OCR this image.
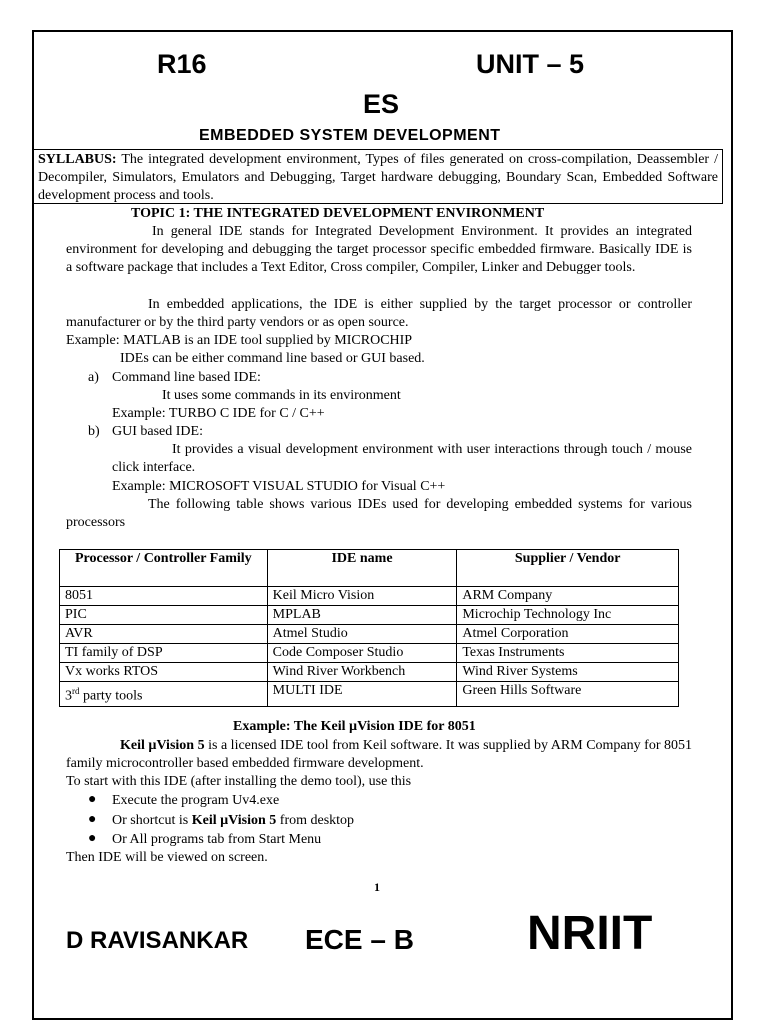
R16	UNIT – 5
ES
EMBEDDED SYSTEM DEVELOPMENT
SYLLABUS: The integrated development environment, Types of files generated on cross-compilation, Deassembler / Decompiler, Simulators, Emulators and Debugging, Target hardware debugging, Boundary Scan, Embedded Software development process and tools.
TOPIC 1: THE INTEGRATED DEVELOPMENT ENVIRONMENT
In general IDE stands for Integrated Development Environment. It provides an integrated environment for developing and debugging the target processor specific embedded firmware. Basically IDE is a software package that includes a Text Editor, Cross compiler, Compiler, Linker and Debugger tools.
In embedded applications, the IDE is either supplied by the target processor or controller manufacturer or by the third party vendors or as open source.
Example: MATLAB is an IDE tool supplied by MICROCHIP
IDEs can be either command line based or GUI based.
a) Command line based IDE:
It uses some commands in its environment
Example: TURBO C IDE for C / C++
b) GUI based IDE:
It provides a visual development environment with user interactions through touch / mouse click interface.
Example: MICROSOFT VISUAL STUDIO for Visual C++
The following table shows various IDEs used for developing embedded systems for various processors
Processor / Controller Family	IDE name	Supplier / Vendor
8051	Keil Micro Vision	ARM Company
PIC	MPLAB	Microchip Technology Inc
AVR	Atmel Studio	Atmel Corporation
TI family of DSP	Code Composer Studio	Texas Instruments
Vx works RTOS	Wind River Workbench	Wind River Systems
3rd party tools	MULTI IDE	Green Hills Software
Example: The Keil µVision IDE for 8051
Keil µVision 5 is a licensed IDE tool from Keil software. It was supplied by ARM Company for 8051 family microcontroller based embedded firmware development.
To start with this IDE (after installing the demo tool), use this
● Execute the program Uv4.exe
● Or shortcut is Keil µVision 5 from desktop
● Or All programs tab from Start Menu
Then IDE will be viewed on screen.
1
D RAVISANKAR ECE – B NRIIT
